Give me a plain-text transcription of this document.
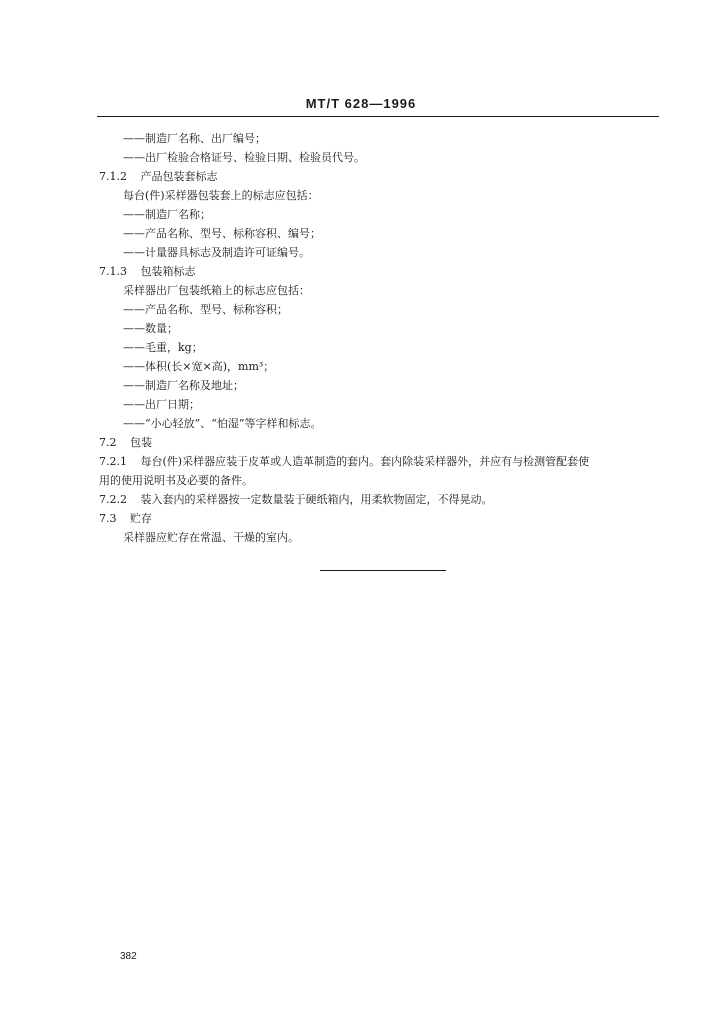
MT/T 628—1996
——制造厂名称、出厂编号；
——出厂检验合格证号、检验日期、检验员代号。
7.1.2 产品包装套标志
每台(件)采样器包装套上的标志应包括：
——制造厂名称；
——产品名称、型号、标称容积、编号；
——计量器具标志及制造许可证编号。
7.1.3 包装箱标志
采样器出厂包装纸箱上的标志应包括：
——产品名称、型号、标称容积；
——数量；
——毛重，kg；
——体积(长×宽×高)，mm³；
——制造厂名称及地址；
——出厂日期；
——“小心轻放”、“怕湿”等字样和标志。
7.2 包装
7.2.1 每台(件)采样器应装于皮革或人造革制造的套内。套内除装采样器外，并应有与检测管配套使
用的使用说明书及必要的备件。
7.2.2 装入套内的采样器按一定数量装于硬纸箱内，用柔软物固定，不得晃动。
7.3 贮存
采样器应贮存在常温、干燥的室内。
382
